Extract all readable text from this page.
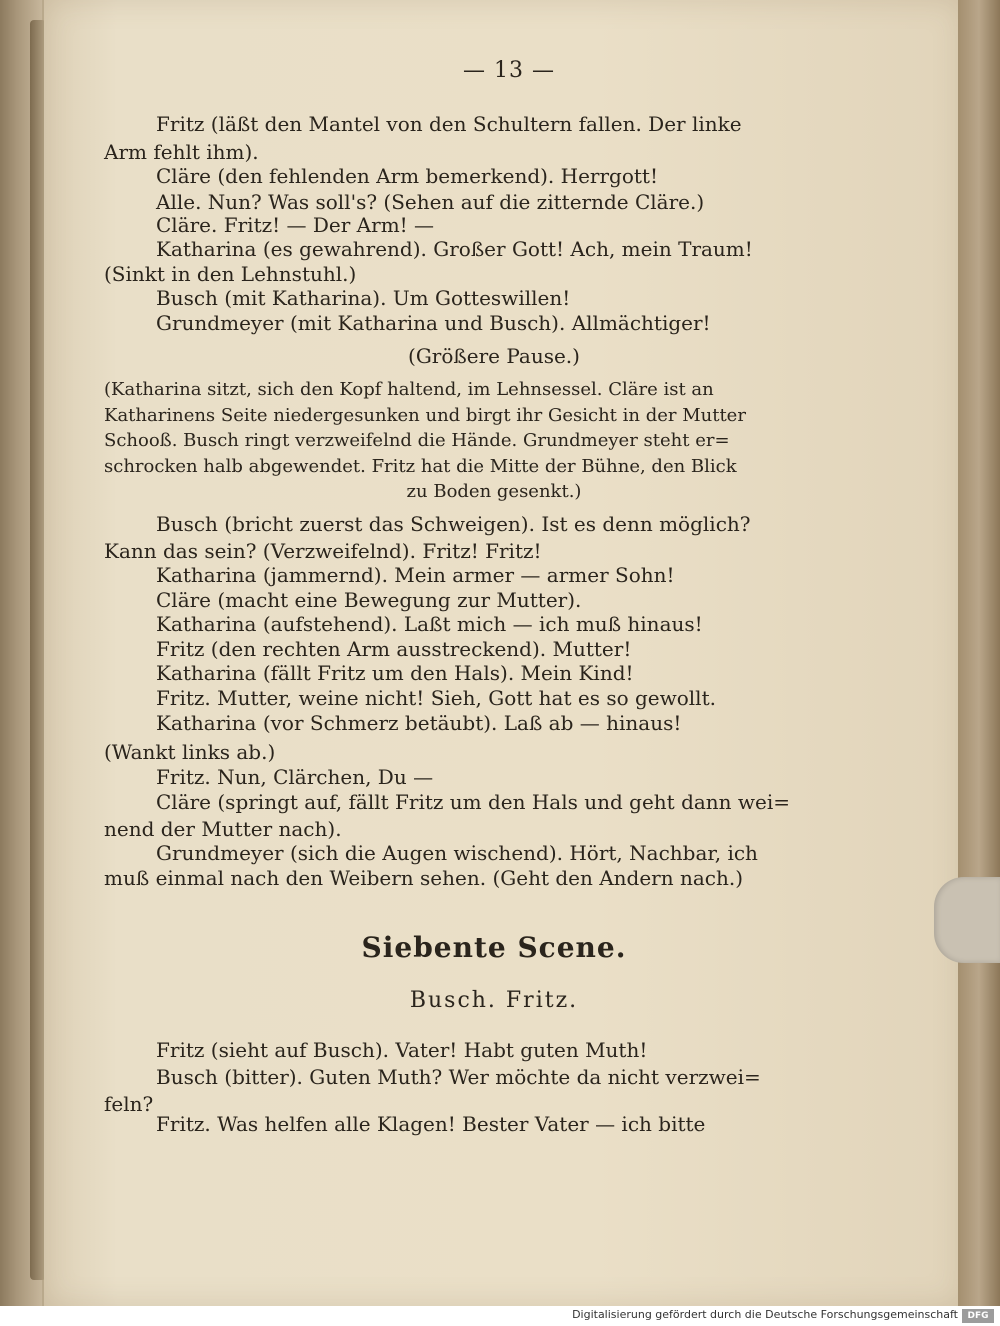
— 13 —
Fritz (läßt den Mantel von den Schultern fallen. Der linke
Arm fehlt ihm).
Cläre (den fehlenden Arm bemerkend). Herrgott!
Alle. Nun? Was soll's? (Sehen auf die zitternde Cläre.)
Cläre. Fritz! — Der Arm! —
Katharina (es gewahrend). Großer Gott! Ach, mein Traum!
(Sinkt in den Lehnstuhl.)
Busch (mit Katharina). Um Gotteswillen!
Grundmeyer (mit Katharina und Busch). Allmächtiger!
(Größere Pause.)
(Katharina sitzt, sich den Kopf haltend, im Lehnsessel. Cläre ist an
Katharinens Seite niedergesunken und birgt ihr Gesicht in der Mutter
Schooß. Busch ringt verzweifelnd die Hände. Grundmeyer steht er=
schrocken halb abgewendet. Fritz hat die Mitte der Bühne, den Blick
zu Boden gesenkt.)
Busch (bricht zuerst das Schweigen). Ist es denn möglich?
Kann das sein? (Verzweifelnd). Fritz! Fritz!
Katharina (jammernd). Mein armer — armer Sohn!
Cläre (macht eine Bewegung zur Mutter).
Katharina (aufstehend). Laßt mich — ich muß hinaus!
Fritz (den rechten Arm ausstreckend). Mutter!
Katharina (fällt Fritz um den Hals). Mein Kind!
Fritz. Mutter, weine nicht! Sieh, Gott hat es so gewollt.
Katharina (vor Schmerz betäubt). Laß ab — hinaus!
(Wankt links ab.)
Fritz. Nun, Clärchen, Du —
Cläre (springt auf, fällt Fritz um den Hals und geht dann wei=
nend der Mutter nach).
Grundmeyer (sich die Augen wischend). Hört, Nachbar, ich
muß einmal nach den Weibern sehen. (Geht den Andern nach.)
Siebente Scene.
Busch. Fritz.
Fritz (sieht auf Busch). Vater! Habt guten Muth!
Busch (bitter). Guten Muth? Wer möchte da nicht verzwei=
feln?
Fritz. Was helfen alle Klagen! Bester Vater — ich bitte
Digitalisierung gefördert durch die Deutsche Forschungsgemeinschaft	DFG
